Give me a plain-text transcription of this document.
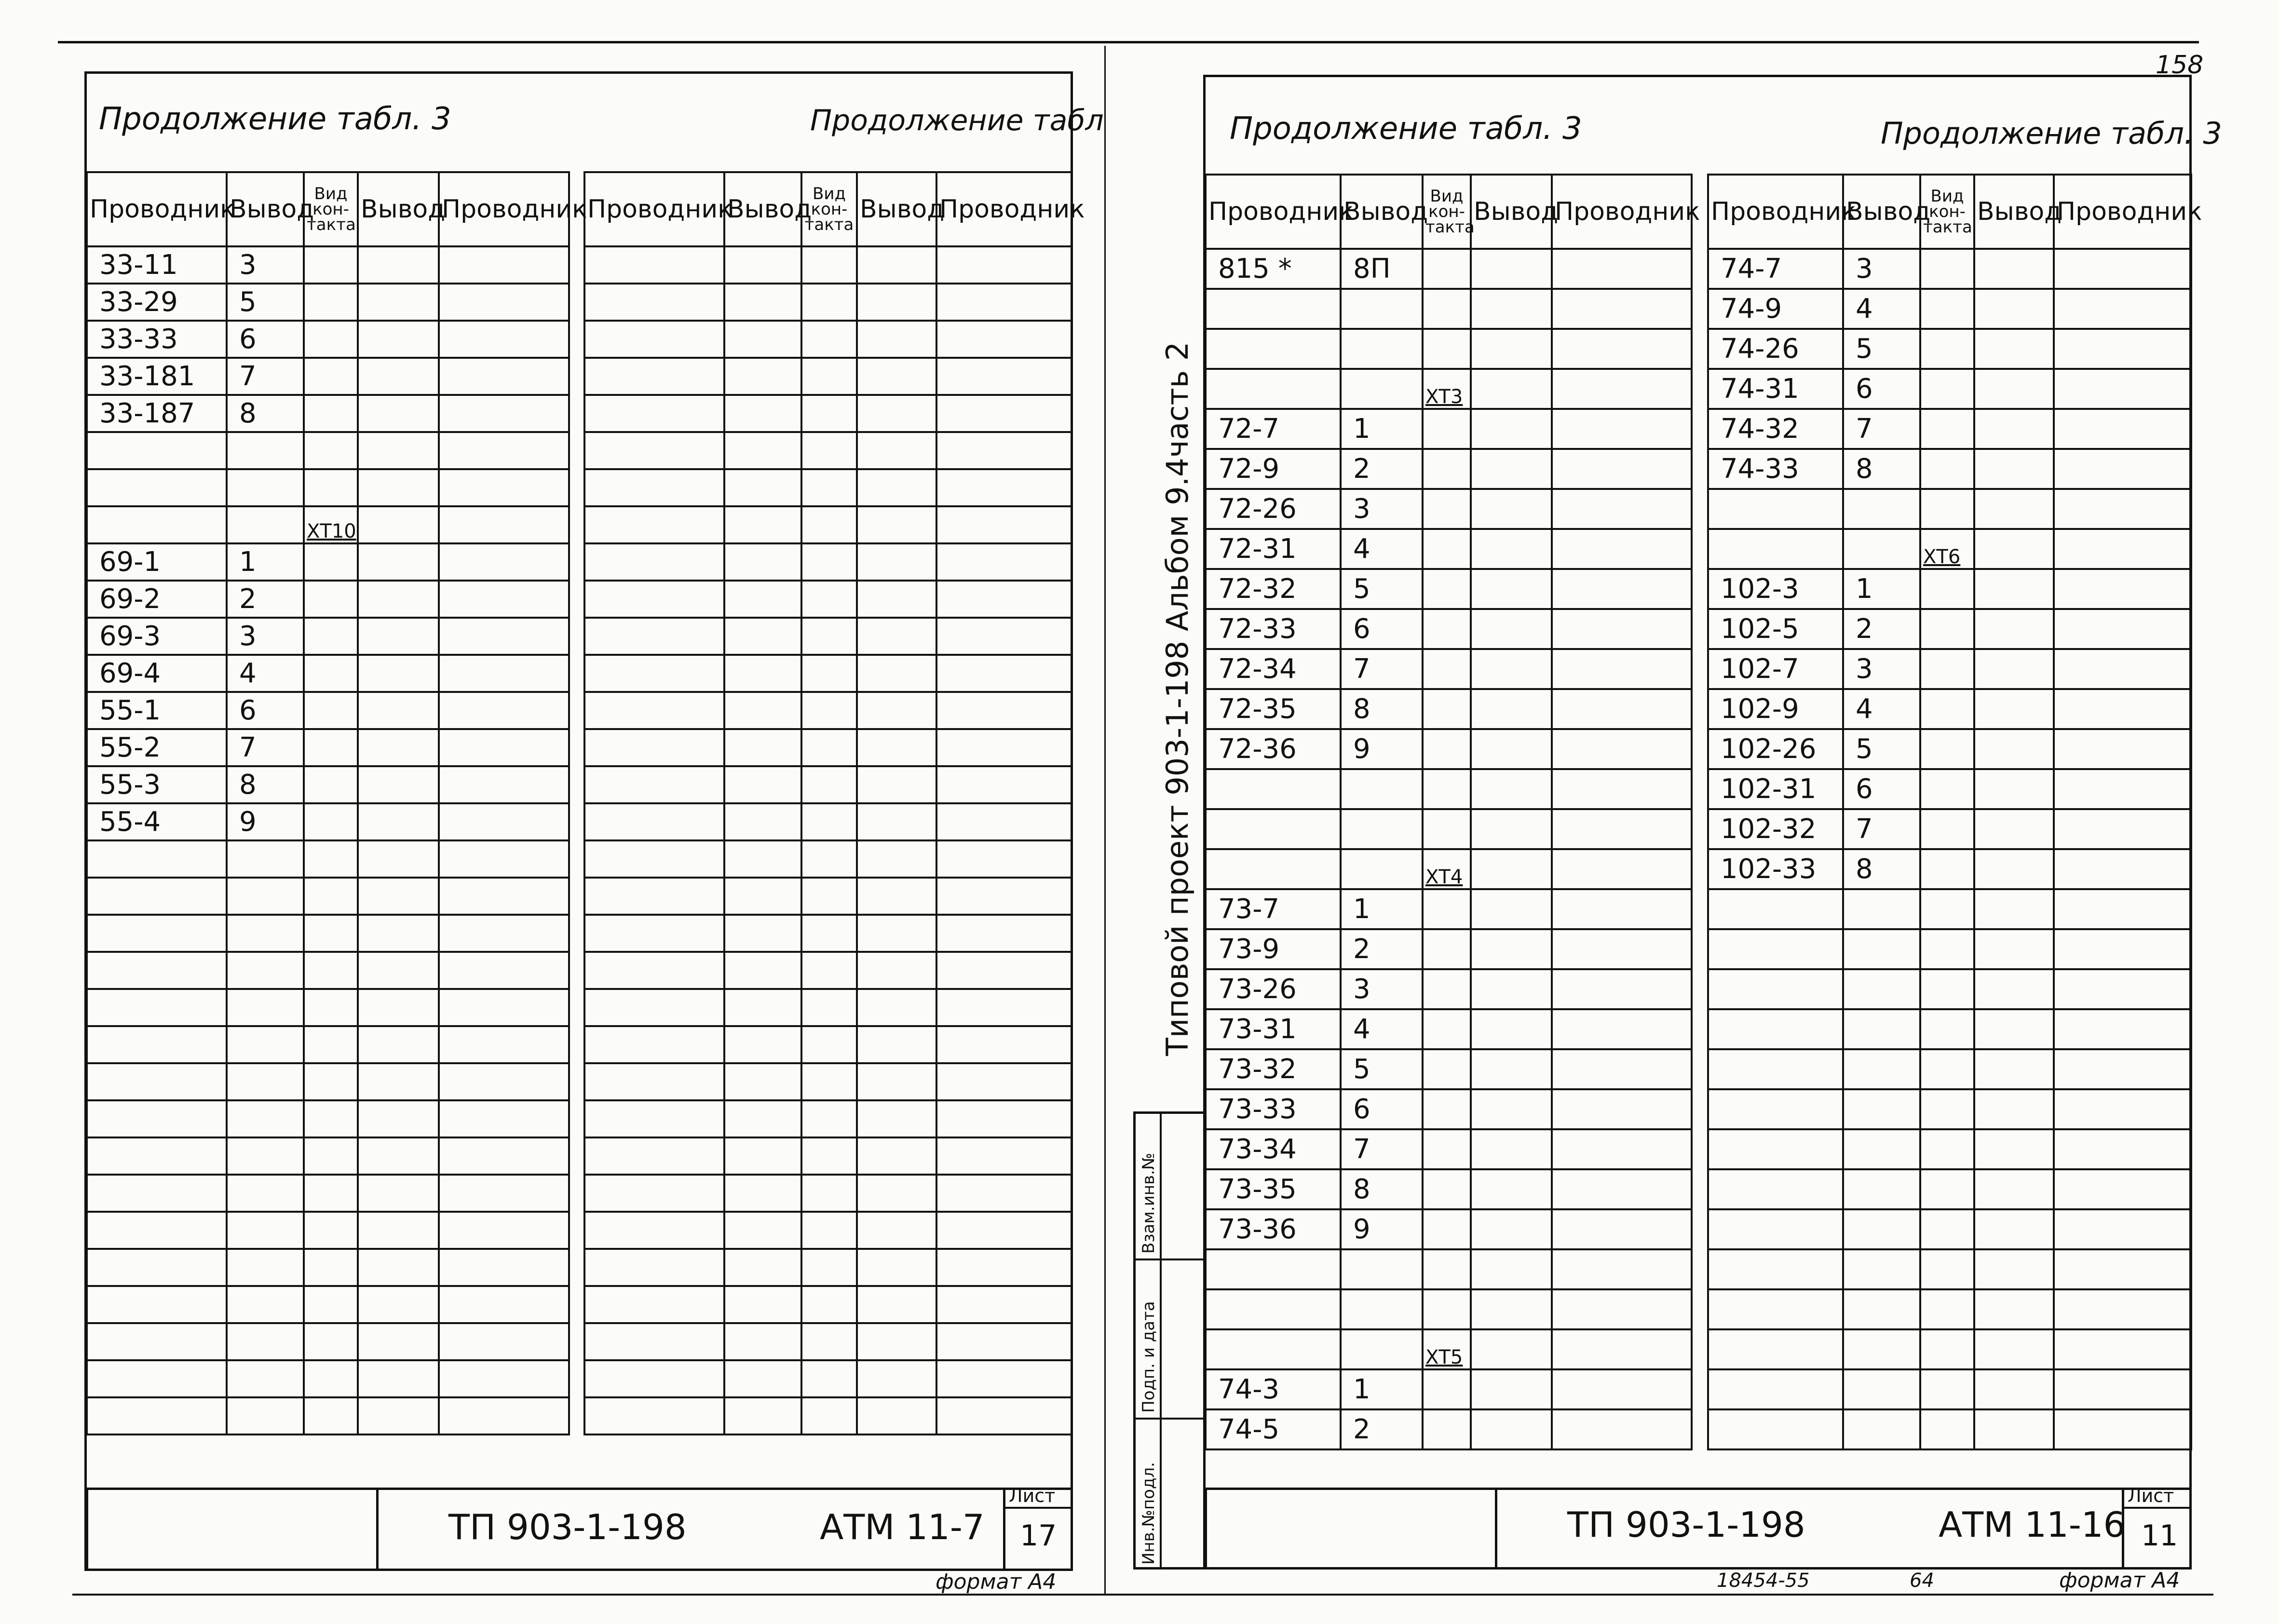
158
Продолжение табл. 3	Продолжение табл
Проводник	Вывод	Вид
кон-
такта	Вывод	Проводник
33-11	3			
33-29	5			
33-33	6			
33-181	7			
33-187	8			

		ХТ10		
69-1	1			
69-2	2			
69-3	3			
69-4	4			
55-1	6			
55-2	7			
55-3	8			
55-4	9			

Проводник	Вывод	Вид
кон-
такта	Вывод	Проводник

ТП 903-1-198	АТМ 11-7
Лист
17
формат А4
Продолжение табл. 3	Продолжение табл. 3
Типовой проект 903-1-198 Альбом 9.4часть 2
Взам.инв.№
Подп. и дата
Инв.№подл.
Проводник	Вывод	Вид
кон-
такта	Вывод	Проводник
815 *	8П			

		ХТ3		
72-7	1			
72-9	2			
72-26	3			
72-31	4			
72-32	5			
72-33	6			
72-34	7			
72-35	8			
72-36	9			

		ХТ4		
73-7	1			
73-9	2			
73-26	3			
73-31	4			
73-32	5			
73-33	6			
73-34	7			
73-35	8			
73-36	9			

		ХТ5		
74-3	1			
74-5	2			
Проводник	Вывод	Вид
кон-
такта	Вывод	Проводник
74-7	3			
74-9	4			
74-26	5			
74-31	6			
74-32	7			
74-33	8			

		ХТ6		
102-3	1			
102-5	2			
102-7	3			
102-9	4			
102-26	5			
102-31	6			
102-32	7			
102-33	8			

ТП 903-1-198	АТМ 11-16
Лист
11
18454-55	64	формат А4
